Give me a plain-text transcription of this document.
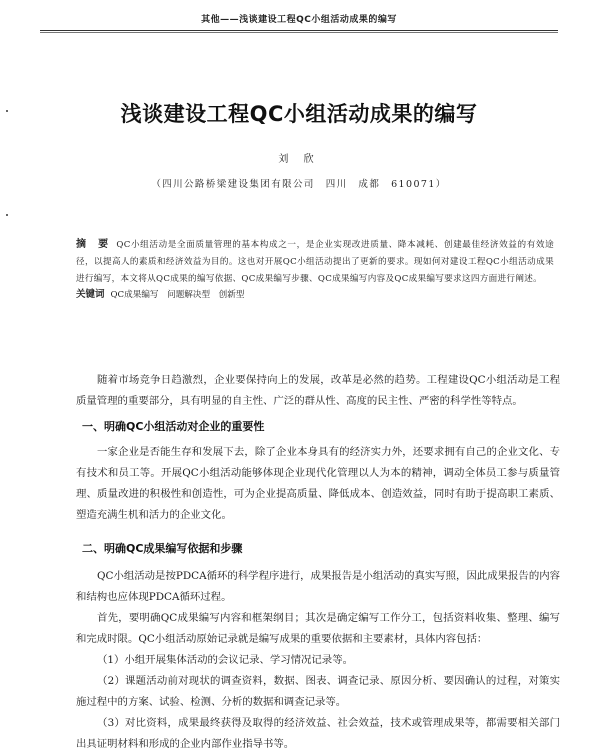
其他——浅谈建设工程QC小组活动成果的编写
浅谈建设工程QC小组活动成果的编写
刘 欣
（四川公路桥梁建设集团有限公司　四川　成都　610071）
摘 要 QC小组活动是全面质量管理的基本构成之一，是企业实现改进质量、降本减耗、创建最佳经济效益的有效途径，以提高人的素质和经济效益为目的。这也对开展QC小组活动提出了更新的要求。现如何对建设工程QC小组活动成果进行编写，本文将从QC成果的编写依据、QC成果编写步骤、QC成果编写内容及QC成果编写要求这四方面进行阐述。
关键词 QC成果编写　问题解决型　创新型
随着市场竞争日趋激烈，企业要保持向上的发展，改革是必然的趋势。工程建设QC小组活动是工程质量管理的重要部分，具有明显的自主性、广泛的群从性、高度的民主性、严密的科学性等特点。
一、明确QC小组活动对企业的重要性
一家企业是否能生存和发展下去，除了企业本身具有的经济实力外，还要求拥有自己的企业文化、专有技术和员工等。开展QC小组活动能够体现企业现代化管理以人为本的精神，调动全体员工参与质量管理、质量改进的积极性和创造性，可为企业提高质量、降低成本、创造效益，同时有助于提高职工素质、塑造充满生机和活力的企业文化。
二、明确QC成果编写依据和步骤
QC小组活动是按PDCA循环的科学程序进行，成果报告是小组活动的真实写照，因此成果报告的内容和结构也应体现PDCA循环过程。
首先，要明确QC成果编写内容和框架纲目；其次是确定编写工作分工，包括资料收集、整理、编写和完成时限。QC小组活动原始记录就是编写成果的重要依据和主要素材，具体内容包括：
（1）小组开展集体活动的会议记录、学习情况记录等。
（2）课题活动前对现状的调查资料，数据、图表、调查记录、原因分析、要因确认的过程，对策实施过程中的方案、试验、检测、分析的数据和调查记录等。
（3）对比资料，成果最终获得及取得的经济效益、社会效益，技术或管理成果等，都需要相关部门出具证明材料和形成的企业内部作业指导书等。
